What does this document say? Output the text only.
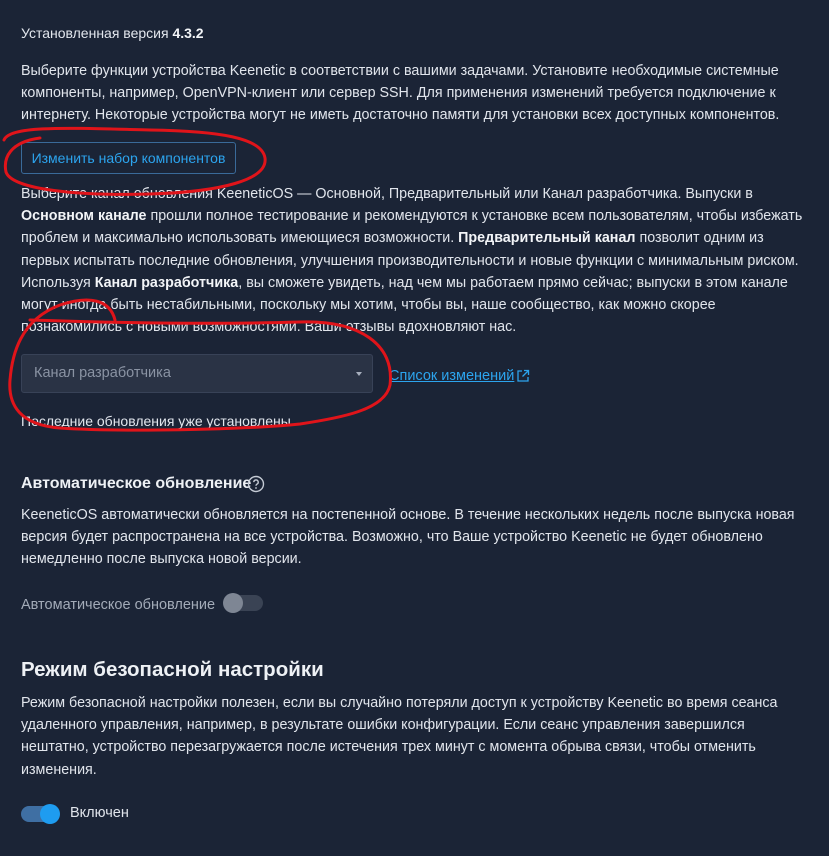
Установленная версия 4.3.2
Выберите функции устройства Keenetic в соответствии с вашими задачами. Установите необходимые системные компоненты, например, OpenVPN-клиент или сервер SSH. Для применения изменений требуется подключение к интернету. Некоторые устройства могут не иметь достаточно памяти для установки всех доступных компонентов.
Изменить набор компонентов
Выберите канал обновления KeeneticOS — Основной, Предварительный или Канал разработчика. Выпуски в Основном канале прошли полное тестирование и рекомендуются к установке всем пользователям, чтобы избежать проблем и максимально использовать имеющиеся возможности. Предварительный канал позволит одним из первых испытать последние обновления, улучшения производительности и новые функции с минимальным риском. Используя Канал разработчика, вы сможете увидеть, над чем мы работаем прямо сейчас; выпуски в этом канале могут иногда быть нестабильными, поскольку мы хотим, чтобы вы, наше сообщество, как можно скорее познакомились с новыми возможностями. Ваши отзывы вдохновляют нас.
Канал разработчика	Список изменений
Последние обновления уже установлены.
Автоматическое обновление
KeeneticOS автоматически обновляется на постепенной основе. В течение нескольких недель после выпуска новая версия будет распространена на все устройства. Возможно, что Ваше устройство Keenetic не будет обновлено немедленно после выпуска новой версии.
Автоматическое обновление
Режим безопасной настройки
Режим безопасной настройки полезен, если вы случайно потеряли доступ к устройству Keenetic во время сеанса удаленного управления, например, в результате ошибки конфигурации. Если сеанс управления завершился нештатно, устройство перезагружается после истечения трех минут с момента обрыва связи, чтобы отменить изменения.
Включен
